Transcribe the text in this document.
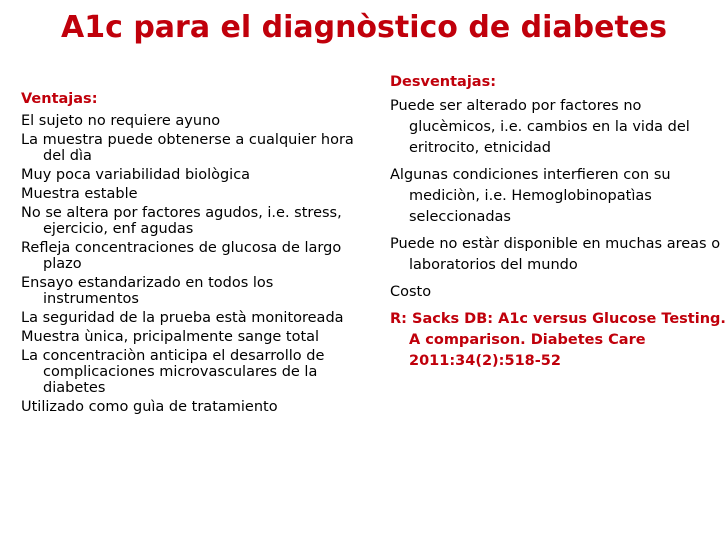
A1c para el diagnòstico de diabetes
Ventajas:
El sujeto no requiere ayuno
La muestra puede obtenerse a cualquier hora del dìa
Muy poca variabilidad biològica
Muestra estable
No se altera por factores agudos, i.e. stress, ejercicio, enf agudas
Refleja concentraciones de glucosa de largo plazo
Ensayo estandarizado en todos los instrumentos
La seguridad de la prueba està monitoreada
Muestra ùnica, pricipalmente sange total
La concentraciòn anticipa el desarrollo de complicaciones microvasculares de la diabetes
Utilizado como guìa de tratamiento
Desventajas:
Puede ser alterado por factores no glucèmicos, i.e. cambios en la vida del eritrocito, etnicidad
Algunas condiciones interfieren con su mediciòn, i.e. Hemoglobinopatìas seleccionadas
Puede no estàr disponible en muchas areas o laboratorios del mundo
Costo
R: Sacks DB: A1c versus Glucose Testing. A comparison. Diabetes Care 2011:34(2):518-52
